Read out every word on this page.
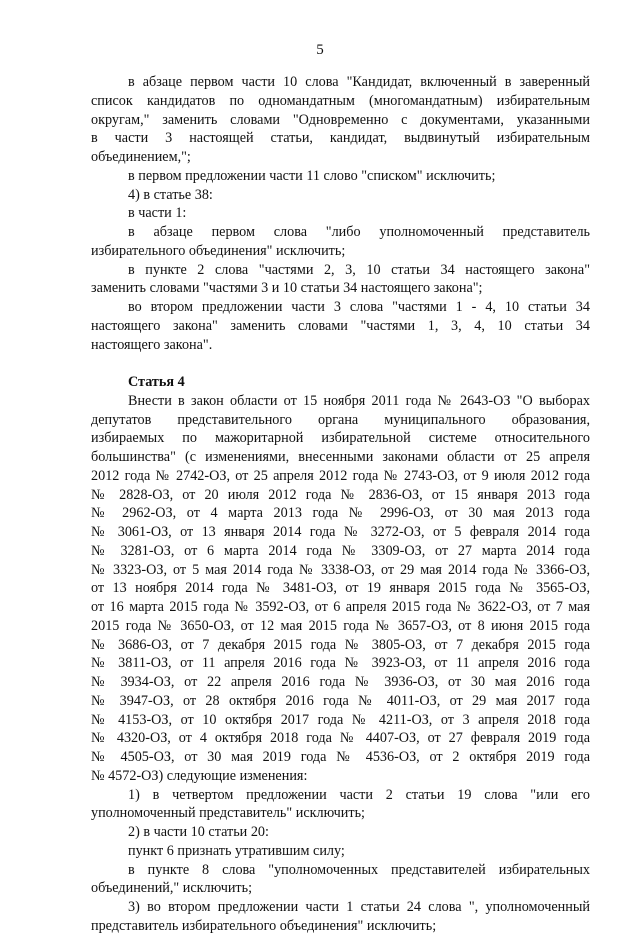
5
в абзаце первом части 10 слова "Кандидат, включенный в заверенный
список кандидатов по одномандатным (многомандатным) избирательным
округам," заменить словами "Одновременно с документами, указанными
в части 3 настоящей статьи, кандидат, выдвинутый избирательным
объединением,";
в первом предложении части 11 слово "списком" исключить;
4) в статье 38:
в части 1:
в абзаце первом слова "либо уполномоченный представитель
избирательного объединения" исключить;
в пункте 2 слова "частями 2, 3, 10 статьи 34 настоящего закона"
заменить словами "частями 3 и 10 статьи 34 настоящего закона";
во втором предложении части 3 слова "частями 1 - 4, 10 статьи 34
настоящего закона" заменить словами "частями 1, 3, 4, 10 статьи 34
настоящего закона".
Статья 4
Внести в закон области от 15 ноября 2011 года № 2643-ОЗ "О выборах
депутатов представительного органа муниципального образования,
избираемых по мажоритарной избирательной системе относительного
большинства" (с изменениями, внесенными законами области от 25 апреля
2012 года № 2742-ОЗ, от 25 апреля 2012 года № 2743-ОЗ, от 9 июля 2012 года
№ 2828-ОЗ, от 20 июля 2012 года № 2836-ОЗ, от 15 января 2013 года
№ 2962-ОЗ, от 4 марта 2013 года № 2996-ОЗ, от 30 мая 2013 года
№ 3061-ОЗ, от 13 января 2014 года № 3272-ОЗ, от 5 февраля 2014 года
№ 3281-ОЗ, от 6 марта 2014 года № 3309-ОЗ, от 27 марта 2014 года
№ 3323-ОЗ, от 5 мая 2014 года № 3338-ОЗ, от 29 мая 2014 года № 3366-ОЗ,
от 13 ноября 2014 года № 3481-ОЗ, от 19 января 2015 года № 3565-ОЗ,
от 16 марта 2015 года № 3592-ОЗ, от 6 апреля 2015 года № 3622-ОЗ, от 7 мая
2015 года № 3650-ОЗ, от 12 мая 2015 года № 3657-ОЗ, от 8 июня 2015 года
№ 3686-ОЗ, от 7 декабря 2015 года № 3805-ОЗ, от 7 декабря 2015 года
№ 3811-ОЗ, от 11 апреля 2016 года № 3923-ОЗ, от 11 апреля 2016 года
№ 3934-ОЗ, от 22 апреля 2016 года № 3936-ОЗ, от 30 мая 2016 года
№ 3947-ОЗ, от 28 октября 2016 года № 4011-ОЗ, от 29 мая 2017 года
№ 4153-ОЗ, от 10 октября 2017 года № 4211-ОЗ, от 3 апреля 2018 года
№ 4320-ОЗ, от 4 октября 2018 года № 4407-ОЗ, от 27 февраля 2019 года
№ 4505-ОЗ, от 30 мая 2019 года № 4536-ОЗ, от 2 октября 2019 года
№ 4572-ОЗ) следующие изменения:
1) в четвертом предложении части 2 статьи 19 слова "или его
уполномоченный представитель" исключить;
2) в части 10 статьи 20:
пункт 6 признать утратившим силу;
в пункте 8 слова "уполномоченных представителей избирательных
объединений," исключить;
3) во втором предложении части 1 статьи 24 слова ", уполномоченный
представитель избирательного объединения" исключить;
